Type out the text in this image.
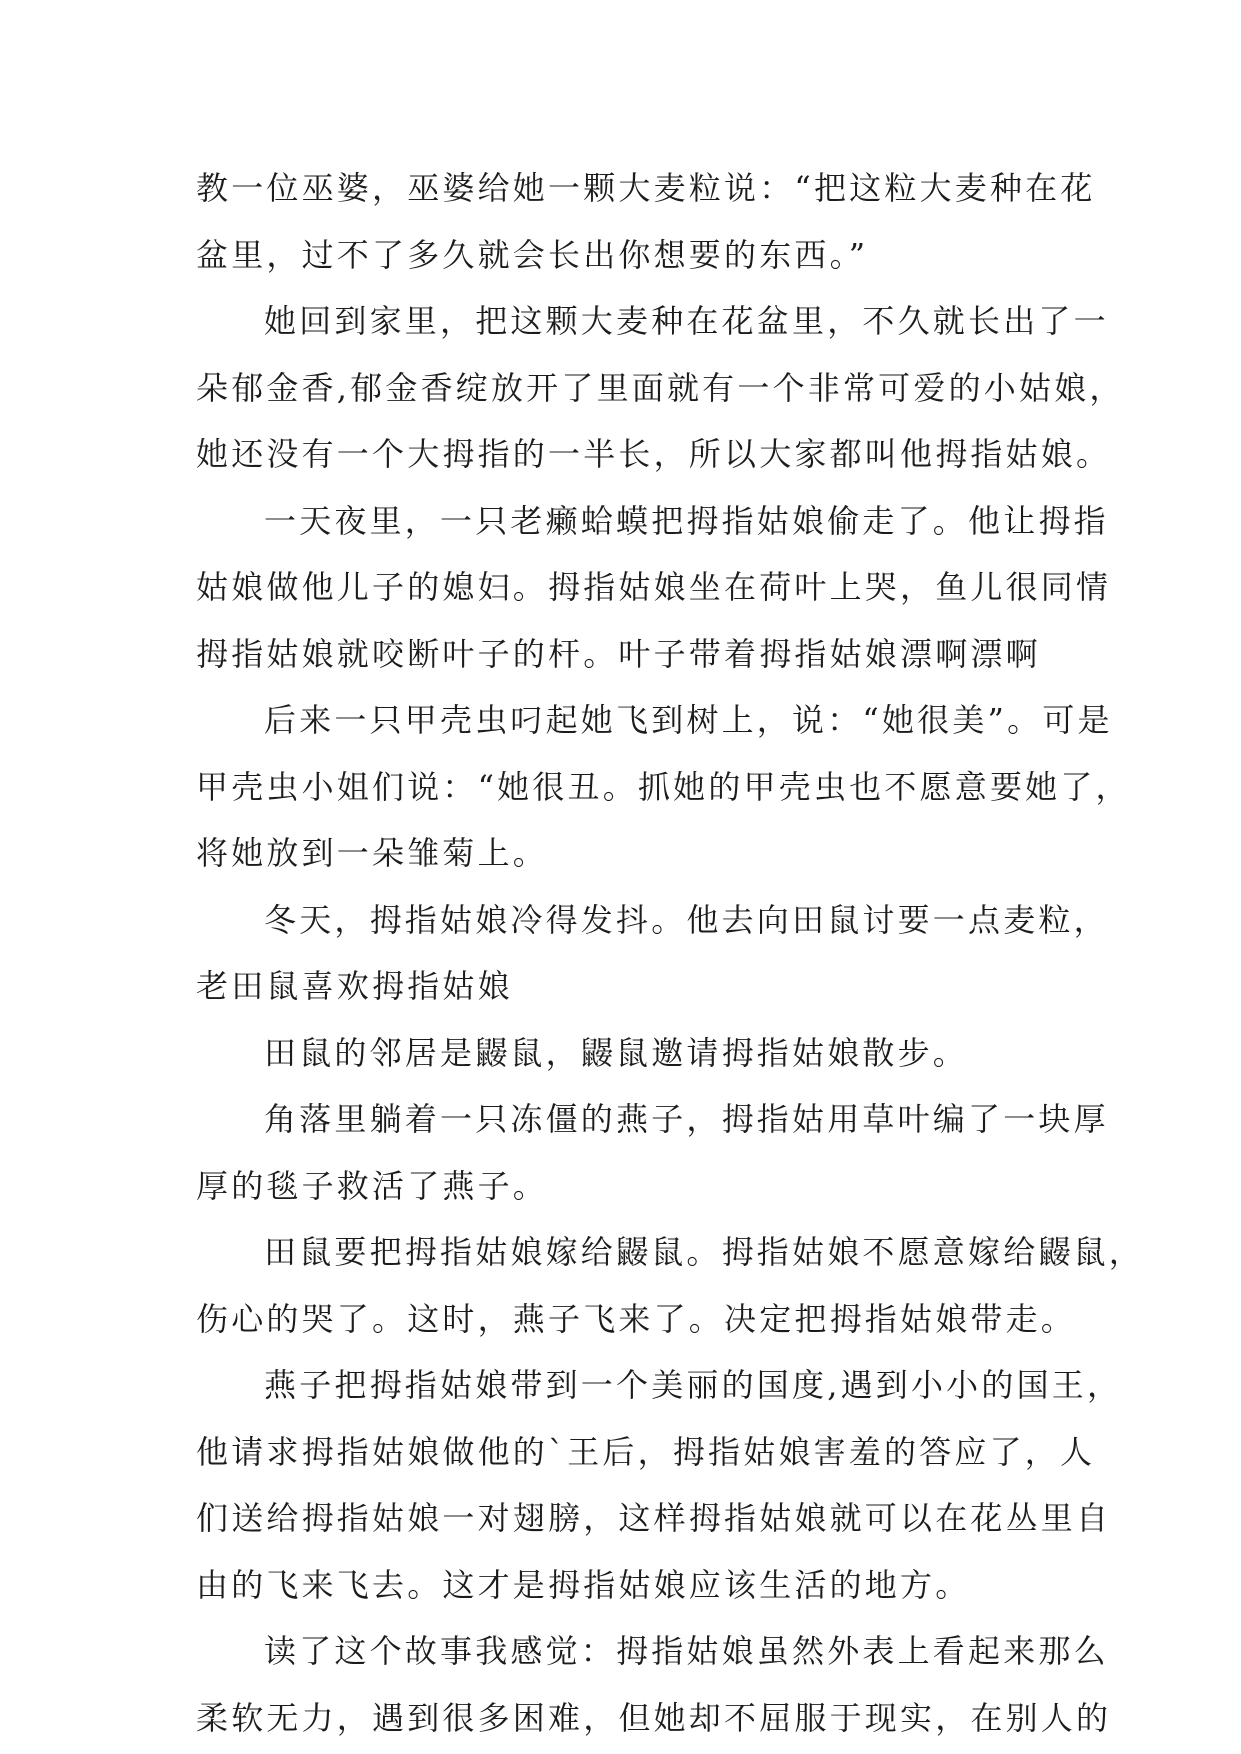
教一位巫婆，巫婆给她一颗大麦粒说：“把这粒大麦种在花
盆里，过不了多久就会长出你想要的东西。”
她回到家里，把这颗大麦种在花盆里，不久就长出了一
朵郁金香,郁金香绽放开了里面就有一个非常可爱的小姑娘，
她还没有一个大拇指的一半长，所以大家都叫他拇指姑娘。
一天夜里，一只老癞蛤蟆把拇指姑娘偷走了。他让拇指
姑娘做他儿子的媳妇。拇指姑娘坐在荷叶上哭，鱼儿很同情
拇指姑娘就咬断叶子的杆。叶子带着拇指姑娘漂啊漂啊
后来一只甲壳虫叼起她飞到树上，说：“她很美”。可是
甲壳虫小姐们说：“她很丑。抓她的甲壳虫也不愿意要她了，
将她放到一朵雏菊上。
冬天，拇指姑娘冷得发抖。他去向田鼠讨要一点麦粒，
老田鼠喜欢拇指姑娘
田鼠的邻居是鼹鼠，鼹鼠邀请拇指姑娘散步。
角落里躺着一只冻僵的燕子，拇指姑用草叶编了一块厚
厚的毯子救活了燕子。
田鼠要把拇指姑娘嫁给鼹鼠。拇指姑娘不愿意嫁给鼹鼠，
伤心的哭了。这时，燕子飞来了。决定把拇指姑娘带走。
燕子把拇指姑娘带到一个美丽的国度,遇到小小的国王，
他请求拇指姑娘做他的`王后，拇指姑娘害羞的答应了，人
们送给拇指姑娘一对翅膀，这样拇指姑娘就可以在花丛里自
由的飞来飞去。这才是拇指姑娘应该生活的地方。
读了这个故事我感觉：拇指姑娘虽然外表上看起来那么
柔软无力，遇到很多困难，但她却不屈服于现实，在别人的
